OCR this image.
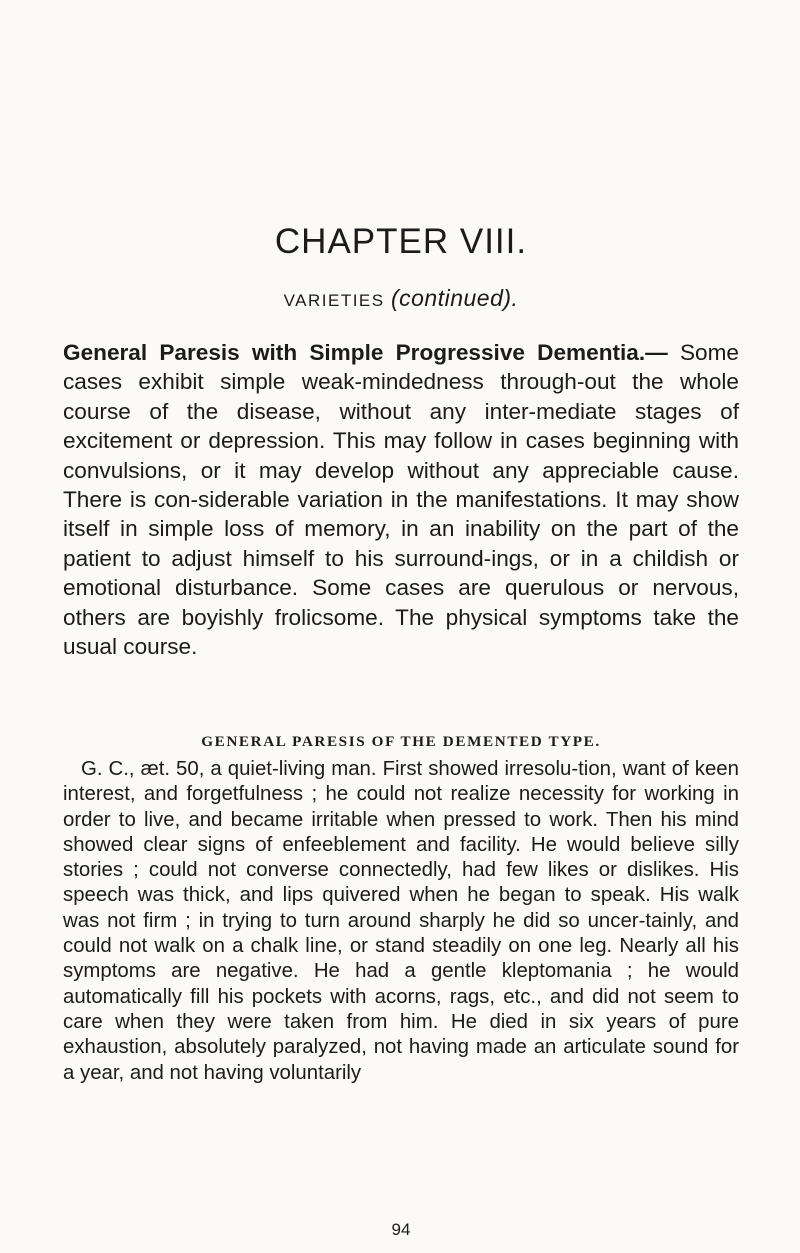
CHAPTER VIII.
VARIETIES (continued).

General Paresis with Simple Progressive Dementia.— Some cases exhibit simple weak-mindedness through-out the whole course of the disease, without any inter-mediate stages of excitement or depression. This may follow in cases beginning with convulsions, or it may develop without any appreciable cause. There is con-siderable variation in the manifestations. It may show itself in simple loss of memory, in an inability on the part of the patient to adjust himself to his surround-ings, or in a childish or emotional disturbance. Some cases are querulous or nervous, others are boyishly frolicsome. The physical symptoms take the usual course.

GENERAL PARESIS OF THE DEMENTED TYPE.

G. C., æt. 50, a quiet-living man. First showed irresolu-tion, want of keen interest, and forgetfulness ; he could not realize necessity for working in order to live, and became irritable when pressed to work. Then his mind showed clear signs of enfeeblement and facility. He would believe silly stories ; could not converse connectedly, had few likes or dislikes. His speech was thick, and lips quivered when he began to speak. His walk was not firm ; in trying to turn around sharply he did so uncer-tainly, and could not walk on a chalk line, or stand steadily on one leg. Nearly all his symptoms are negative. He had a gentle kleptomania ; he would automatically fill his pockets with acorns, rags, etc., and did not seem to care when they were taken from him. He died in six years of pure exhaustion, absolutely paralyzed, not having made an articulate sound for a year, and not having voluntarily

94
